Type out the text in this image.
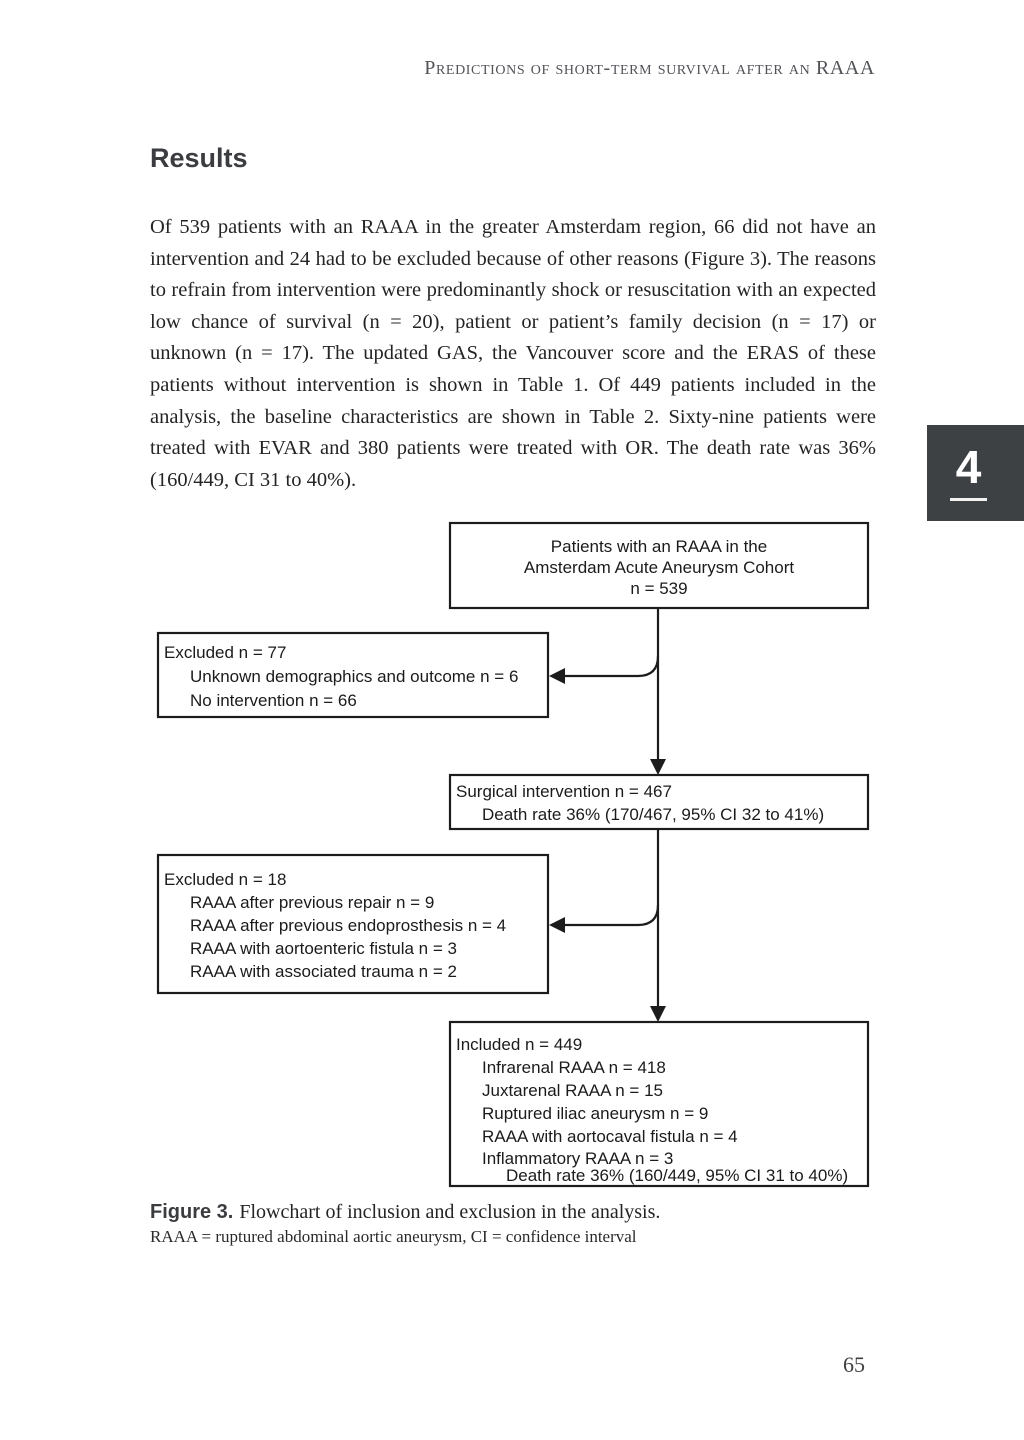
Predictions of short-term survival after an RAAA
Results

Of 539 patients with an RAAA in the greater Amsterdam region, 66 did not have an intervention and 24 had to be excluded because of other reasons (Figure 3). The reasons to refrain from intervention were predominantly shock or resuscitation with an expected low chance of survival (n = 20), patient or patient’s family decision (n = 17) or unknown (n = 17). The updated GAS, the Vancouver score and the ERAS of these patients without intervention is shown in Table 1. Of 449 patients included in the analysis, the baseline characteristics are shown in Table 2. Sixty-nine patients were treated with EVAR and 380 patients were treated with OR. The death rate was 36% (160/449, CI 31 to 40%).	4
Patients with an RAAA in the
Amsterdam Acute Aneurysm Cohort
n = 539
Excluded n = 77
Unknown demographics and outcome n = 6
No intervention n = 66
Surgical intervention n = 467
Death rate 36% (170/467, 95% CI 32 to 41%)
Excluded n = 18
RAAA after previous repair n = 9
RAAA after previous endoprosthesis n = 4
RAAA with aortoenteric fistula n = 3
RAAA with associated trauma n = 2
Included n = 449
Infrarenal RAAA n = 418
Juxtarenal RAAA n = 15
Ruptured iliac aneurysm n = 9
RAAA with aortocaval fistula n = 4
Inflammatory RAAA n = 3
Death rate 36% (160/449, 95% CI 31 to 40%)
Figure 3. Flowchart of inclusion and exclusion in the analysis.
RAAA = ruptured abdominal aortic aneurysm, CI = confidence interval
65
